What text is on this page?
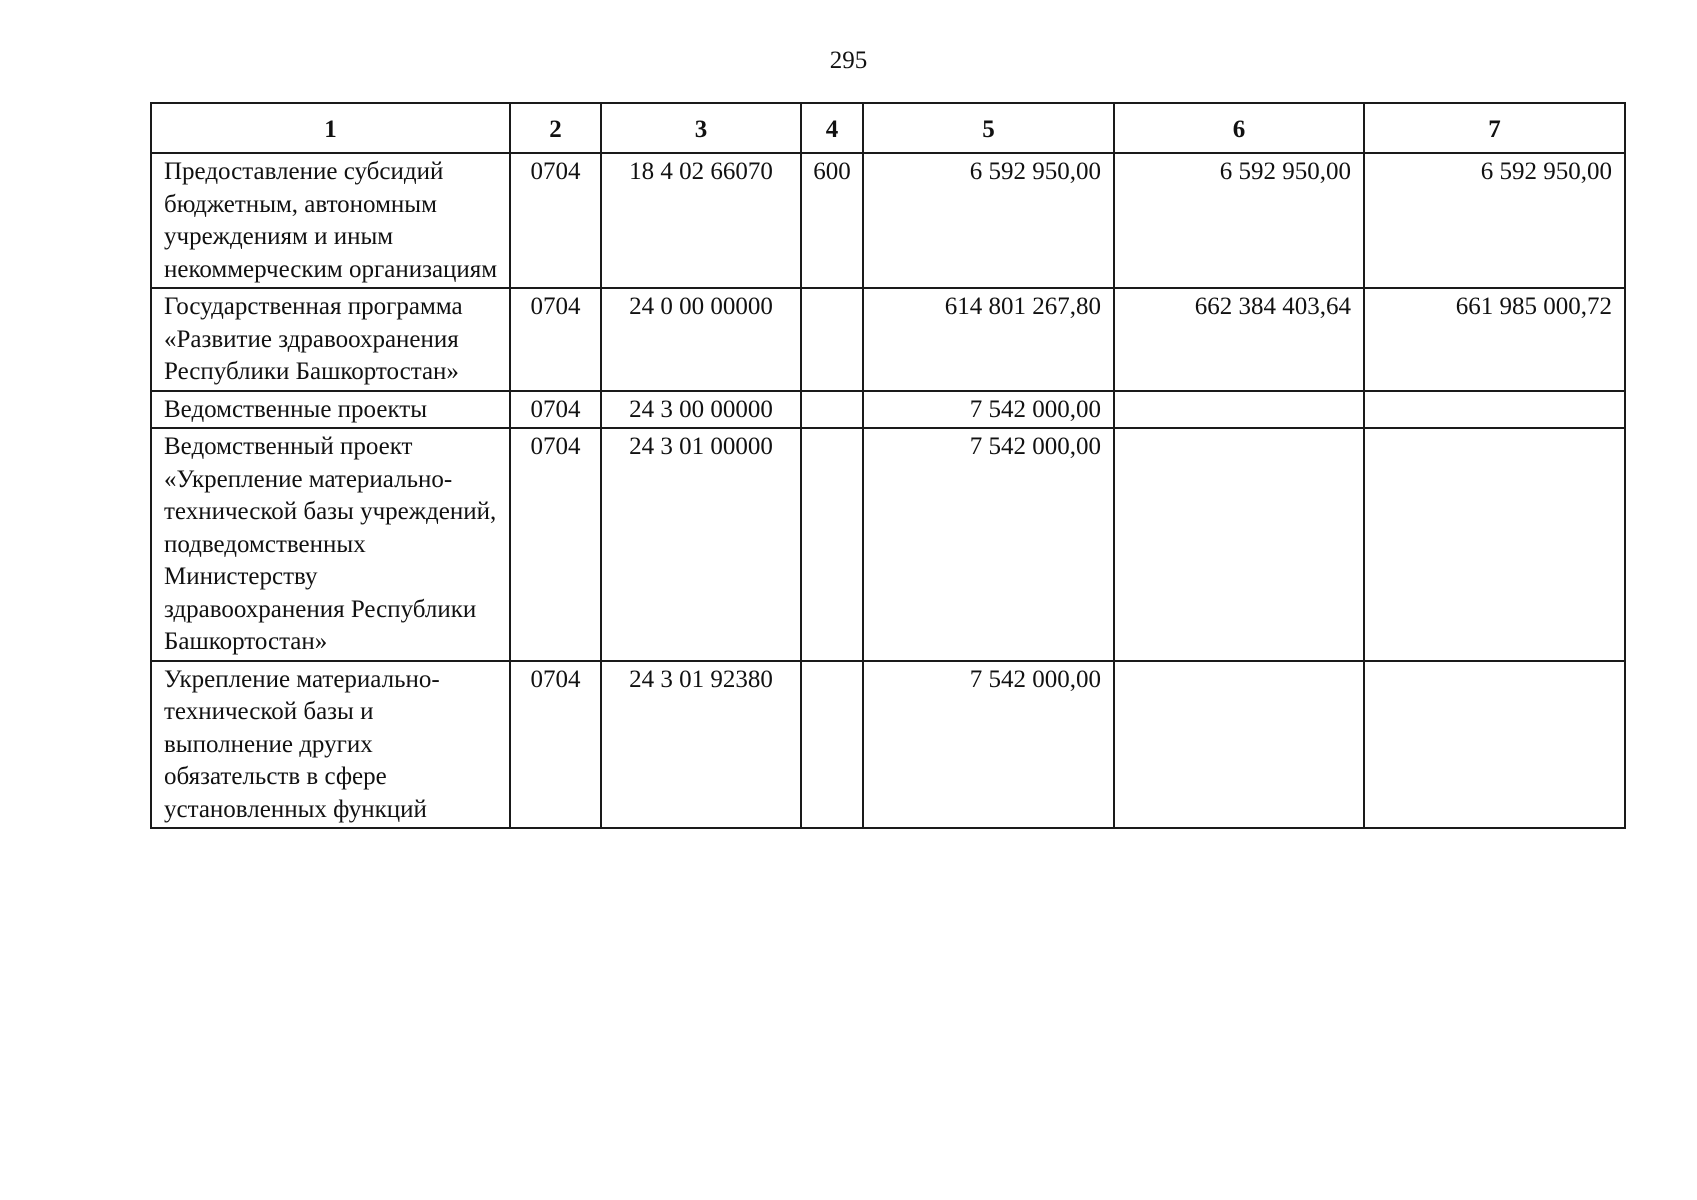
295
1	2	3	4	5	6	7
Предоставление субсидий бюджетным, автономным учреждениям и иным некоммерческим организациям	0704	18 4 02 66070	600	6 592 950,00	6 592 950,00	6 592 950,00
Государственная программа «Развитие здравоохранения Республики Башкортостан»	0704	24 0 00 00000		614 801 267,80	662 384 403,64	661 985 000,72
Ведомственные проекты	0704	24 3 00 00000		7 542 000,00		
Ведомственный проект «Укрепление материально-технической базы учреждений, подведомственных Министерству здравоохранения Республики Башкортостан»	0704	24 3 01 00000		7 542 000,00		
Укрепление материально-технической базы и выполнение других обязательств в сфере установленных функций	0704	24 3 01 92380		7 542 000,00		
